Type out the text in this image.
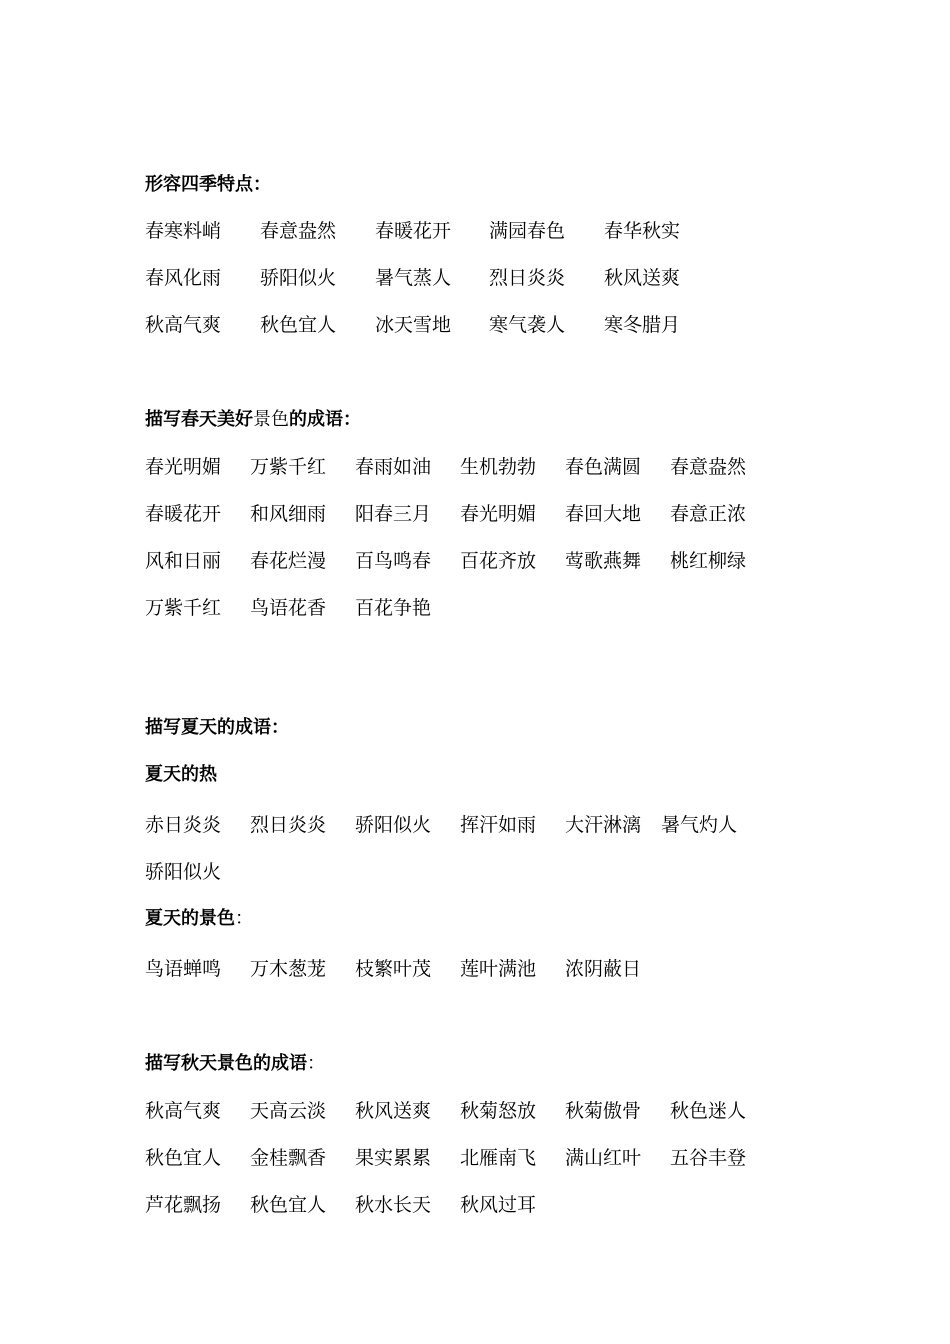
形容四季特点：
春寒料峭 春意盎然 春暖花开 满园春色 春华秋实
春风化雨 骄阳似火 暑气蒸人 烈日炎炎 秋风送爽
秋高气爽 秋色宜人 冰天雪地 寒气袭人 寒冬腊月
描写春天美好景色的成语：
春光明媚 万紫千红 春雨如油 生机勃勃 春色满圆 春意盎然
春暖花开 和风细雨 阳春三月 春光明媚 春回大地 春意正浓
风和日丽 春花烂漫 百鸟鸣春 百花齐放 莺歌燕舞 桃红柳绿
万紫千红 鸟语花香 百花争艳
描写夏天的成语：
夏天的热
赤日炎炎 烈日炎炎 骄阳似火 挥汗如雨 大汗淋漓 暑气灼人
骄阳似火
夏天的景色：
鸟语蝉鸣 万木葱茏 枝繁叶茂 莲叶满池 浓阴蔽日
描写秋天景色的成语：
秋高气爽 天高云淡 秋风送爽 秋菊怒放 秋菊傲骨 秋色迷人
秋色宜人 金桂飘香 果实累累 北雁南飞 满山红叶 五谷丰登
芦花飘扬 秋色宜人 秋水长天 秋风过耳
